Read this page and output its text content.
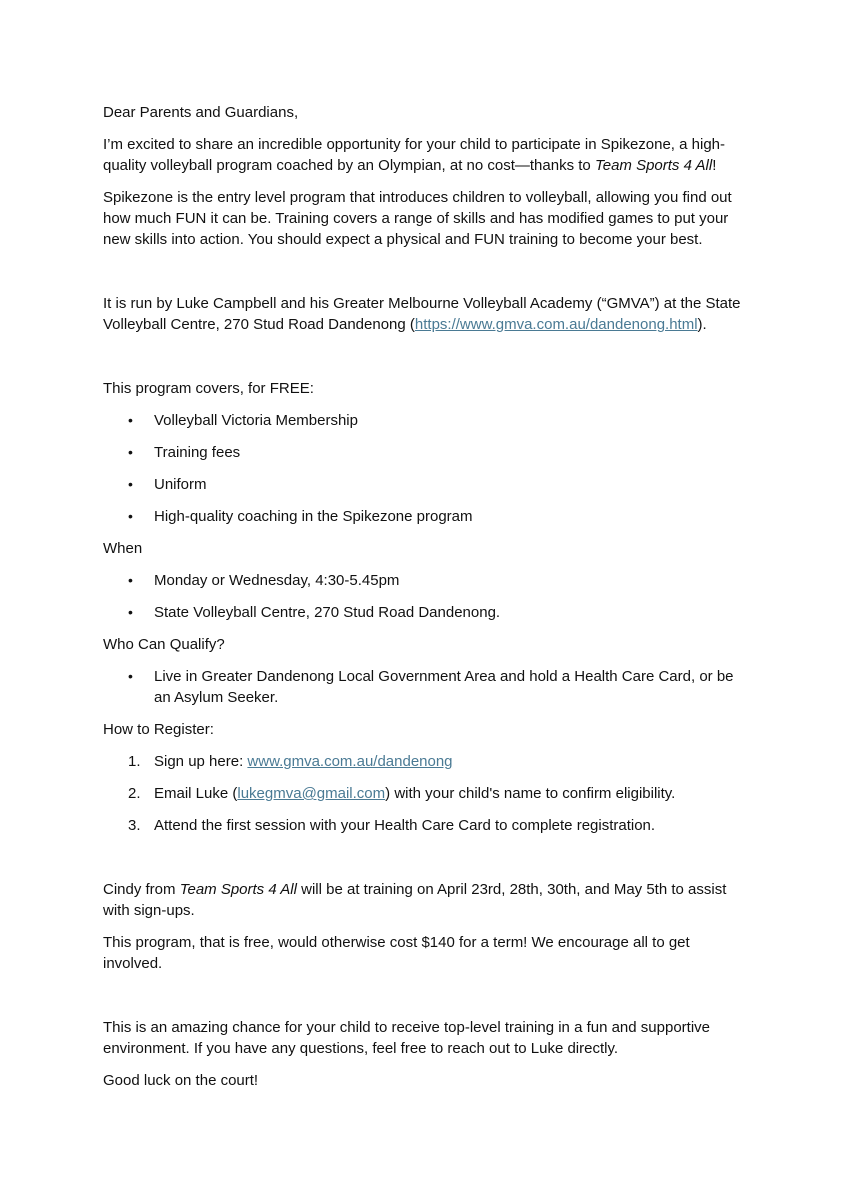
Dear Parents and Guardians,

I’m excited to share an incredible opportunity for your child to participate in Spikezone, a high-quality volleyball program coached by an Olympian, at no cost—thanks to Team Sports 4 All!

Spikezone is the entry level program that introduces children to volleyball, allowing you find out how much FUN it can be. Training covers a range of skills and has modified games to put your new skills into action. You should expect a physical and FUN training to become your best.

It is run by Luke Campbell and his Greater Melbourne Volleyball Academy (“GMVA”) at the State Volleyball Centre, 270 Stud Road Dandenong (https://www.gmva.com.au/dandenong.html).

This program covers, for FREE:

• Volleyball Victoria Membership
• Training fees
• Uniform
• High-quality coaching in the Spikezone program

When

• Monday or Wednesday, 4:30-5.45pm
• State Volleyball Centre, 270 Stud Road Dandenong.

Who Can Qualify?

• Live in Greater Dandenong Local Government Area and hold a Health Care Card, or be an Asylum Seeker.

How to Register:

1. Sign up here: www.gmva.com.au/dandenong
2. Email Luke (lukegmva@gmail.com) with your child's name to confirm eligibility.
3. Attend the first session with your Health Care Card to complete registration.

Cindy from Team Sports 4 All will be at training on April 23rd, 28th, 30th, and May 5th to assist with sign-ups.

This program, that is free, would otherwise cost $140 for a term! We encourage all to get involved.

This is an amazing chance for your child to receive top-level training in a fun and supportive environment. If you have any questions, feel free to reach out to Luke directly.

Good luck on the court!
